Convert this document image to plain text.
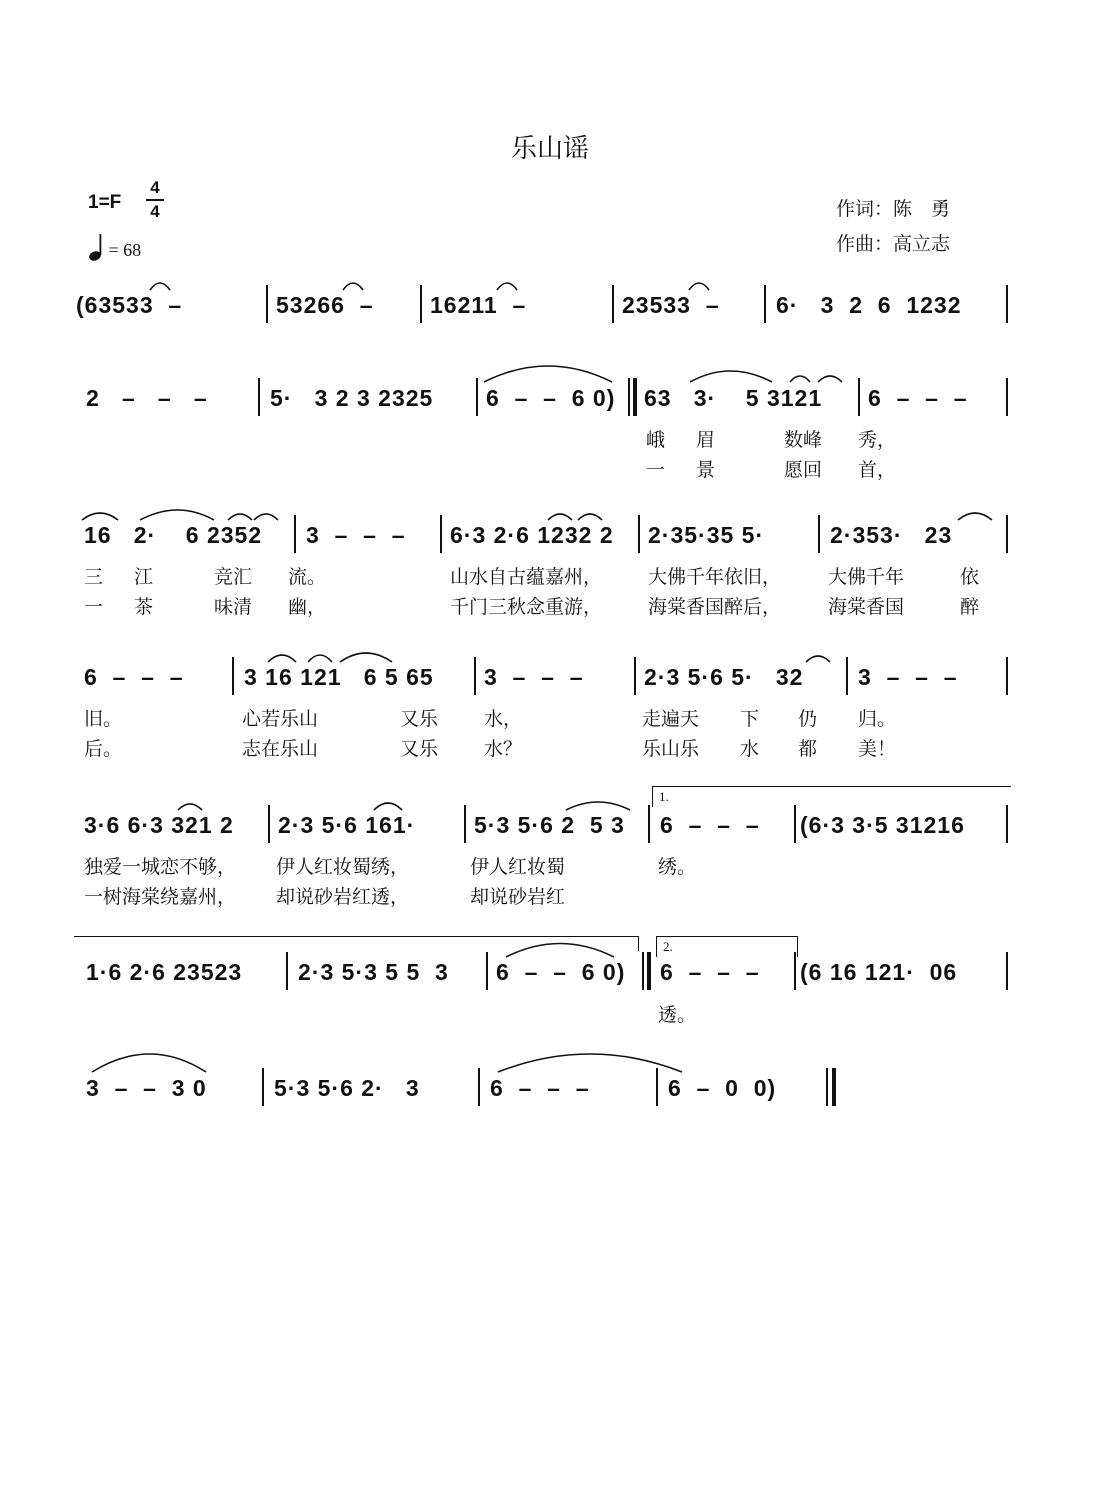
乐山谣
1=F
4
4
= 68
作词：陈　勇
作曲：高立志
(63533  –	53266  – 16211  –	23533  – 6·   3  2  6  1232
2   –   –   –	5·   3 2 3 2325 6  –  –  6 0) 63   3·    5 3121 6  –  –  –

峨

眉

	数峰

秀，

一

景

	愿回

首，

16   2·    6 2352 3  –  –  – 6·3 2·6 1232 2 2·35·35 5·	2·353·   23

三

江

	竞汇

流。

	山水自古蕴嘉州，

大佛千年依旧，

大佛千年

	依

一

茶

	味清

幽，

	千门三秋念重游，

海棠香国醉后，

海棠香国

	醉

6  –  –  –	3 16 121   6 5 65 3  –  –  –	2·3 5·6 5·   32 3  –  –  –

旧。

	心若乐山

	又乐

水，

	走遍天

下

仍

归。

后。

	志在乐山

	又乐

水？

	乐山乐

水

都

美！

3·6 6·3 321 2 2·3 5·6 161·	5·3 5·6 2  5 3 6  –  –  – (6·3 3·5 31216

独爱一城恋不够，

伊人红妆蜀绣，

	伊人红妆蜀

	绣。

一树海棠绕嘉州，

却说砂岩红透，

	却说砂岩红

1·6 2·6 23523 2·3 5·3 5 5  3 6  –  –  6 0) 6  –  –  – (6 16 121·  06

透。

3  –  –  3 0	5·3 5·6 2·   3	6  –  –  –	6  –  0  0)
1.
2.
